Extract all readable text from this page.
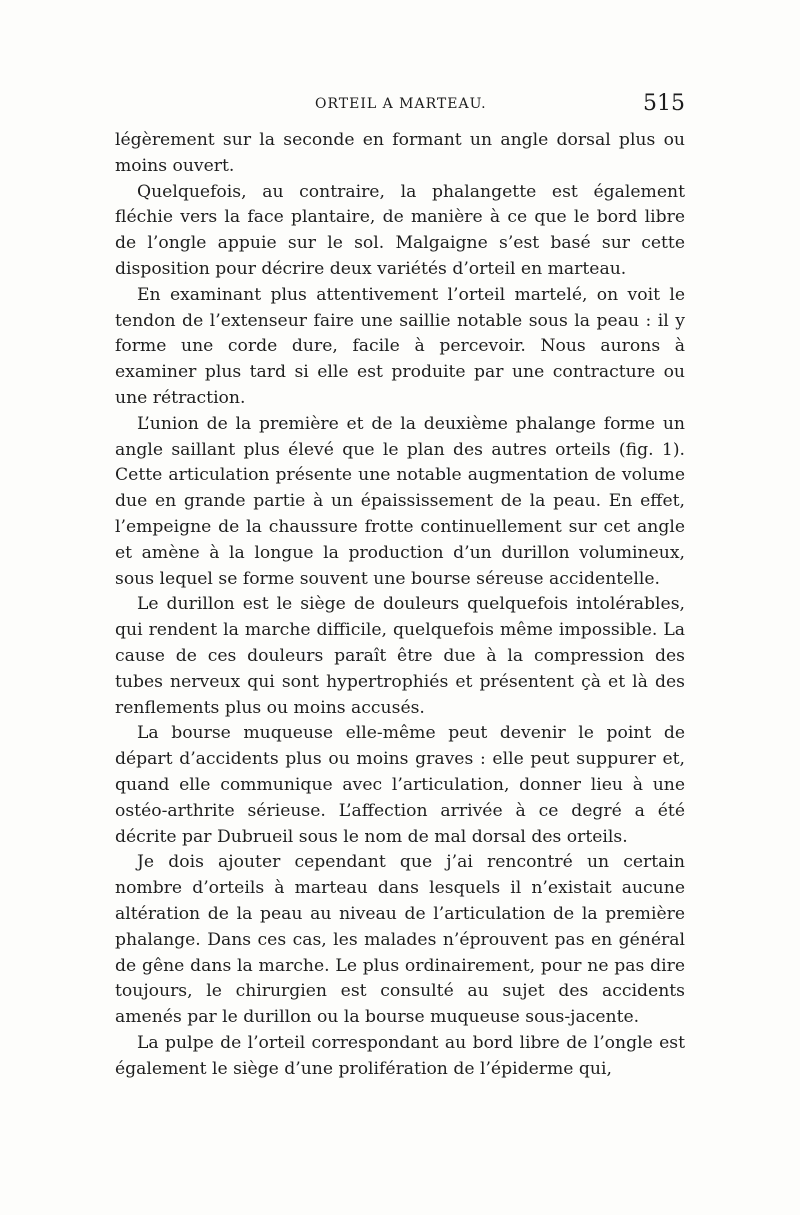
ORTEIL A MARTEAU.	515

légèrement sur la seconde en formant un angle dorsal plus ou moins ouvert.

Quelquefois, au contraire, la phalangette est également fléchie vers la face plantaire, de manière à ce que le bord libre de l’ongle appuie sur le sol. Malgaigne s’est basé sur cette disposition pour décrire deux variétés d’orteil en marteau.

En examinant plus attentivement l’orteil martelé, on voit le tendon de l’extenseur faire une saillie notable sous la peau : il y forme une corde dure, facile à percevoir. Nous aurons à examiner plus tard si elle est produite par une contracture ou une rétraction.

L’union de la première et de la deuxième phalange forme un angle saillant plus élevé que le plan des autres orteils (fig. 1). Cette articulation présente une notable augmentation de volume due en grande partie à un épaississement de la peau. En effet, l’empeigne de la chaussure frotte continuellement sur cet angle et amène à la longue la production d’un durillon volumineux, sous lequel se forme souvent une bourse séreuse accidentelle.

Le durillon est le siège de douleurs quelquefois intolérables, qui rendent la marche difficile, quelquefois même impossible. La cause de ces douleurs paraît être due à la compression des tubes nerveux qui sont hypertrophiés et présentent çà et là des renflements plus ou moins accusés.

La bourse muqueuse elle-même peut devenir le point de départ d’accidents plus ou moins graves : elle peut suppurer et, quand elle communique avec l’articulation, donner lieu à une ostéo-arthrite sérieuse. L’affection arrivée à ce degré a été décrite par Dubrueil sous le nom de mal dorsal des orteils.

Je dois ajouter cependant que j’ai rencontré un certain nombre d’orteils à marteau dans lesquels il n’existait aucune altération de la peau au niveau de l’articulation de la première phalange. Dans ces cas, les malades n’éprouvent pas en général de gêne dans la marche. Le plus ordinairement, pour ne pas dire toujours, le chirurgien est consulté au sujet des accidents amenés par le durillon ou la bourse muqueuse sous-jacente.

La pulpe de l’orteil correspondant au bord libre de l’ongle est également le siège d’une prolifération de l’épiderme qui,
